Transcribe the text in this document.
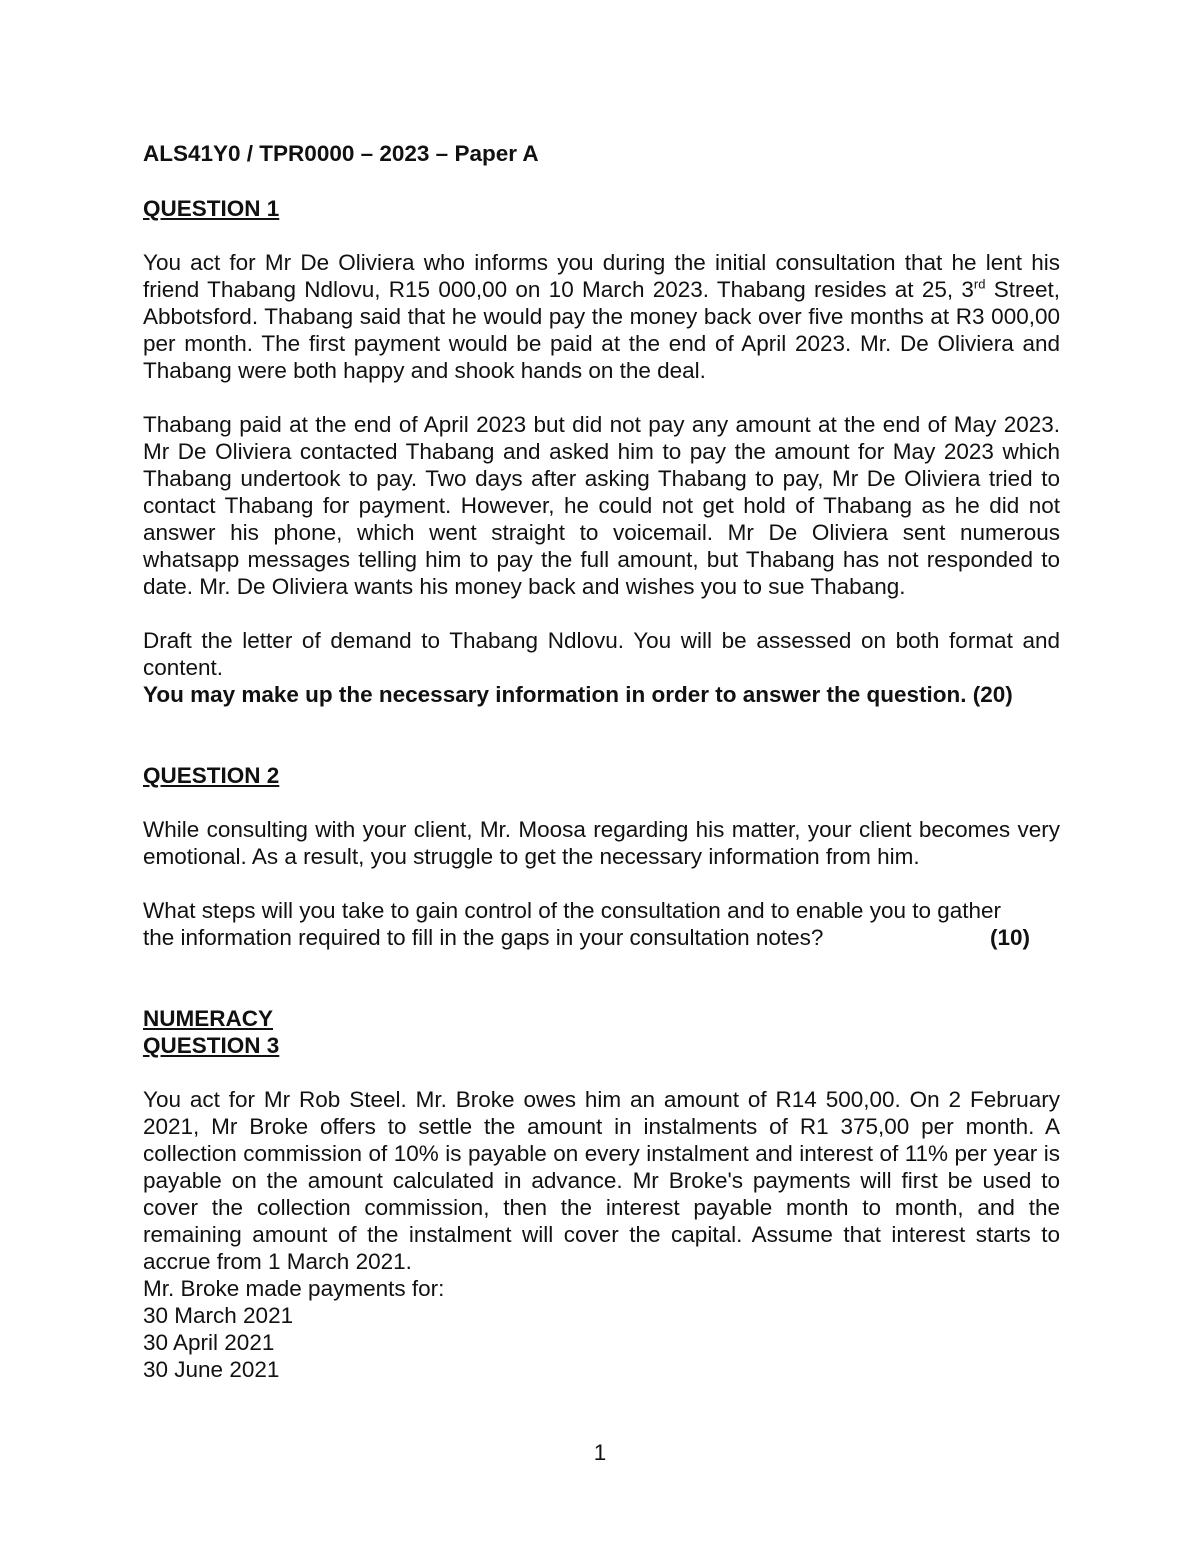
ALS41Y0 / TPR0000 – 2023 – Paper A

QUESTION 1

You act for Mr De Oliviera who informs you during the initial consultation that he lent his friend Thabang Ndlovu, R15 000,00 on 10 March 2023. Thabang resides at 25, 3rd Street, Abbotsford. Thabang said that he would pay the money back over five months at R3 000,00 per month. The first payment would be paid at the end of April 2023. Mr. De Oliviera and Thabang were both happy and shook hands on the deal.

Thabang paid at the end of April 2023 but did not pay any amount at the end of May 2023. Mr De Oliviera contacted Thabang and asked him to pay the amount for May 2023 which Thabang undertook to pay. Two days after asking Thabang to pay, Mr De Oliviera tried to contact Thabang for payment. However, he could not get hold of Thabang as he did not answer his phone, which went straight to voicemail. Mr De Oliviera sent numerous whatsapp messages telling him to pay the full amount, but Thabang has not responded to date. Mr. De Oliviera wants his money back and wishes you to sue Thabang.

Draft the letter of demand to Thabang Ndlovu. You will be assessed on both format and content.

You may make up the necessary information in order to answer the question. (20)

QUESTION 2

While consulting with your client, Mr. Moosa regarding his matter, your client becomes very emotional. As a result, you struggle to get the necessary information from him.

What steps will you take to gain control of the consultation and to enable you to gather

the information required to fill in the gaps in your consultation notes?	(10)

NUMERACY

QUESTION 3

You act for Mr Rob Steel. Mr. Broke owes him an amount of R14 500,00. On 2 February 2021, Mr Broke offers to settle the amount in instalments of R1 375,00 per month. A collection commission of 10% is payable on every instalment and interest of 11% per year is payable on the amount calculated in advance. Mr Broke's payments will first be used to cover the collection commission, then the interest payable month to month, and the remaining amount of the instalment will cover the capital. Assume that interest starts to accrue from 1 March 2021.

Mr. Broke made payments for:

30 March 2021

30 April 2021

30 June 2021

1
